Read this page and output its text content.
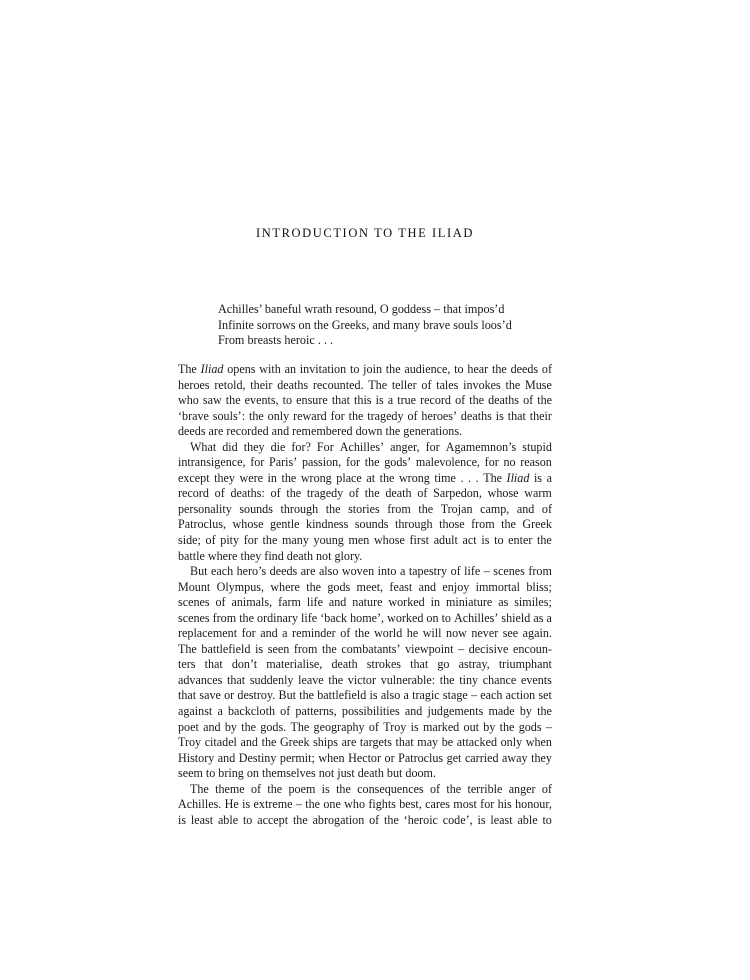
INTRODUCTION TO THE ILIAD
Achilles’ baneful wrath resound, O goddess – that impos’d
Infinite sorrows on the Greeks, and many brave souls loos’d
From breasts heroic . . .
The Iliad opens with an invitation to join the audience, to hear the deeds of
heroes retold, their deaths recounted. The teller of tales invokes the Muse
who saw the events, to ensure that this is a true record of the deaths of the
‘brave souls’: the only reward for the tragedy of heroes’ deaths is that their
deeds are recorded and remembered down the generations.
What did they die for? For Achilles’ anger, for Agamemnon’s stupid
intransigence, for Paris’ passion, for the gods’ malevolence, for no reason
except they were in the wrong place at the wrong time . . . The Iliad is a
record of deaths: of the tragedy of the death of Sarpedon, whose warm
personality sounds through the stories from the Trojan camp, and of
Patroclus, whose gentle kindness sounds through those from the Greek
side; of pity for the many young men whose first adult act is to enter the
battle where they find death not glory.
But each hero’s deeds are also woven into a tapestry of life – scenes from
Mount Olympus, where the gods meet, feast and enjoy immortal bliss;
scenes of animals, farm life and nature worked in miniature as similes;
scenes from the ordinary life ‘back home’, worked on to Achilles’ shield as a
replacement for and a reminder of the world he will now never see again.
The battlefield is seen from the combatants’ viewpoint – decisive encoun-
ters that don’t materialise, death strokes that go astray, triumphant
advances that suddenly leave the victor vulnerable: the tiny chance events
that save or destroy. But the battlefield is also a tragic stage – each action set
against a backcloth of patterns, possibilities and judgements made by the
poet and by the gods. The geography of Troy is marked out by the gods –
Troy citadel and the Greek ships are targets that may be attacked only when
History and Destiny permit; when Hector or Patroclus get carried away they
seem to bring on themselves not just death but doom.
The theme of the poem is the consequences of the terrible anger of
Achilles. He is extreme – the one who fights best, cares most for his honour,
is least able to accept the abrogation of the ‘heroic code’, is least able to
